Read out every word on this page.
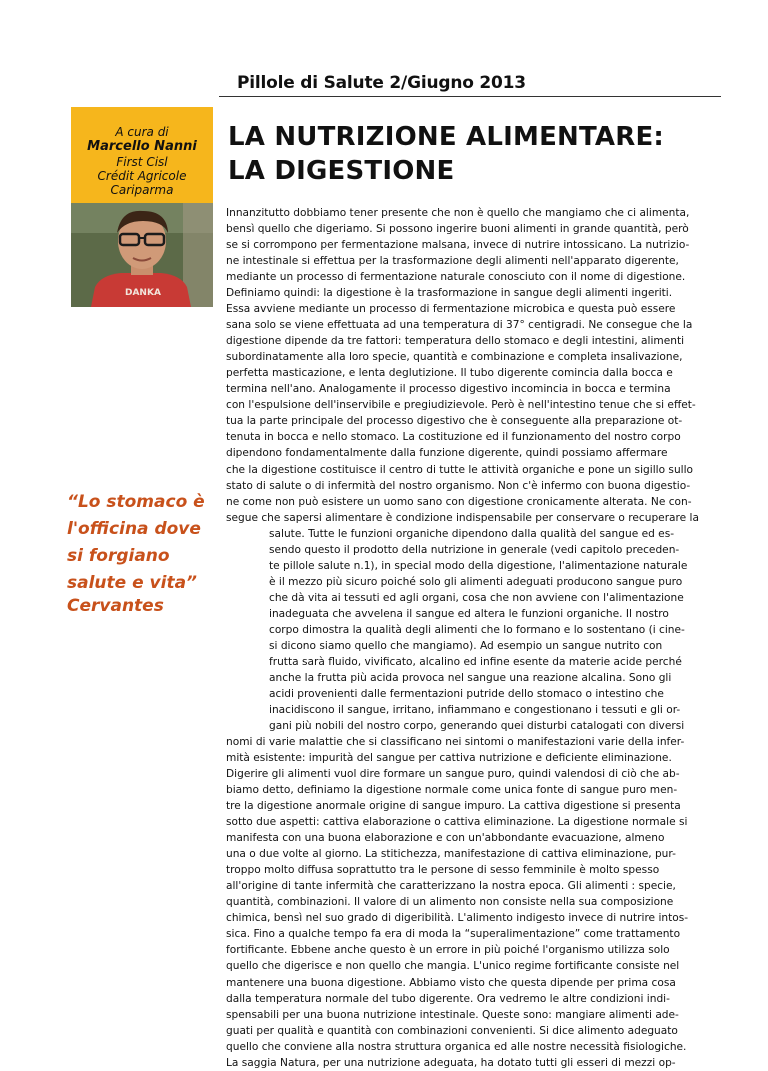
Pillole di Salute 2/Giugno 2013
A cura di
Marcello Nanni
First Cisl
Crédit Agricole
Cariparma
DANKA
LA NUTRIZIONE ALIMENTARE:
LA DIGESTIONE
Innanzitutto dobbiamo tener presente che non è quello che mangiamo che ci alimenta,
bensì quello che digeriamo. Si possono ingerire buoni alimenti in grande quantità, però
se si corrompono per fermentazione malsana, invece di nutrire intossicano. La nutrizio-
ne intestinale si effettua per la trasformazione degli alimenti nell'apparato digerente,
mediante un processo di fermentazione naturale conosciuto con il nome di digestione.
Definiamo quindi: la digestione è la trasformazione in sangue degli alimenti ingeriti.
Essa avviene mediante un processo di fermentazione microbica e questa può essere
sana solo se viene effettuata ad una temperatura di 37° centigradi. Ne consegue che la
digestione dipende da tre fattori: temperatura dello stomaco e degli intestini, alimenti
subordinatamente alla loro specie, quantità e combinazione e completa insalivazione,
perfetta masticazione, e lenta deglutizione. Il tubo digerente comincia dalla bocca e
termina nell'ano. Analogamente il processo digestivo incomincia in bocca e termina
con l'espulsione dell'inservibile e pregiudizievole. Però è nell'intestino tenue che si effet-
tua la parte principale del processo digestivo che è conseguente alla preparazione ot-
tenuta in bocca e nello stomaco. La costituzione ed il funzionamento del nostro corpo
dipendono fondamentalmente dalla funzione digerente, quindi possiamo affermare
che la digestione costituisce il centro di tutte le attività organiche e pone un sigillo sullo
stato di salute o di infermità del nostro organismo. Non c'è infermo con buona digestio-
ne come non può esistere un uomo sano con digestione cronicamente alterata. Ne con-
segue che sapersi alimentare è condizione indispensabile per conservare o recuperare la
salute. Tutte le funzioni organiche dipendono dalla qualità del sangue ed es-
sendo questo il prodotto della nutrizione in generale (vedi capitolo preceden-
te pillole salute n.1), in special modo della digestione, l'alimentazione naturale
è il mezzo più sicuro poiché solo gli alimenti adeguati producono sangue puro
che dà vita ai tessuti ed agli organi, cosa che non avviene con l'alimentazione
inadeguata che avvelena il sangue ed altera le funzioni organiche. Il nostro
corpo dimostra la qualità degli alimenti che lo formano e lo sostentano (i cine-
si dicono siamo quello che mangiamo). Ad esempio un sangue nutrito con
frutta sarà fluido, vivificato, alcalino ed infine esente da materie acide perché
anche la frutta più acida provoca nel sangue una reazione alcalina. Sono gli
acidi provenienti dalle fermentazioni putride dello stomaco o intestino che
inacidiscono il sangue, irritano, infiammano e congestionano i tessuti e gli or-
gani più nobili del nostro corpo, generando quei disturbi catalogati con diversi
nomi di varie malattie che si classificano nei sintomi o manifestazioni varie della infer-
mità esistente: impurità del sangue per cattiva nutrizione e deficiente eliminazione.
Digerire gli alimenti vuol dire formare un sangue puro, quindi valendosi di ciò che ab-
biamo detto, definiamo la digestione normale come unica fonte di sangue puro men-
tre la digestione anormale origine di sangue impuro. La cattiva digestione si presenta
sotto due aspetti: cattiva elaborazione o cattiva eliminazione. La digestione normale si
manifesta con una buona elaborazione e con un'abbondante evacuazione, almeno
una o due volte al giorno. La stitichezza, manifestazione di cattiva eliminazione, pur-
troppo molto diffusa soprattutto tra le persone di sesso femminile è molto spesso
all'origine di tante infermità che caratterizzano la nostra epoca. Gli alimenti : specie,
quantità, combinazioni. Il valore di un alimento non consiste nella sua composizione
chimica, bensì nel suo grado di digeribilità. L'alimento indigesto invece di nutrire intos-
sica. Fino a qualche tempo fa era di moda la “superalimentazione” come trattamento
fortificante. Ebbene anche questo è un errore in più poiché l'organismo utilizza solo
quello che digerisce e non quello che mangia. L'unico regime fortificante consiste nel
mantenere una buona digestione. Abbiamo visto che questa dipende per prima cosa
dalla temperatura normale del tubo digerente. Ora vedremo le altre condizioni indi-
spensabili per una buona nutrizione intestinale. Queste sono: mangiare alimenti ade-
guati per qualità e quantità con combinazioni convenienti. Si dice alimento adeguato
quello che conviene alla nostra struttura organica ed alle nostre necessità fisiologiche.
La saggia Natura, per una nutrizione adeguata, ha dotato tutti gli esseri di mezzi op-
“Lo stomaco è
l'officina dove
si forgiano
salute e vita”
Cervantes
